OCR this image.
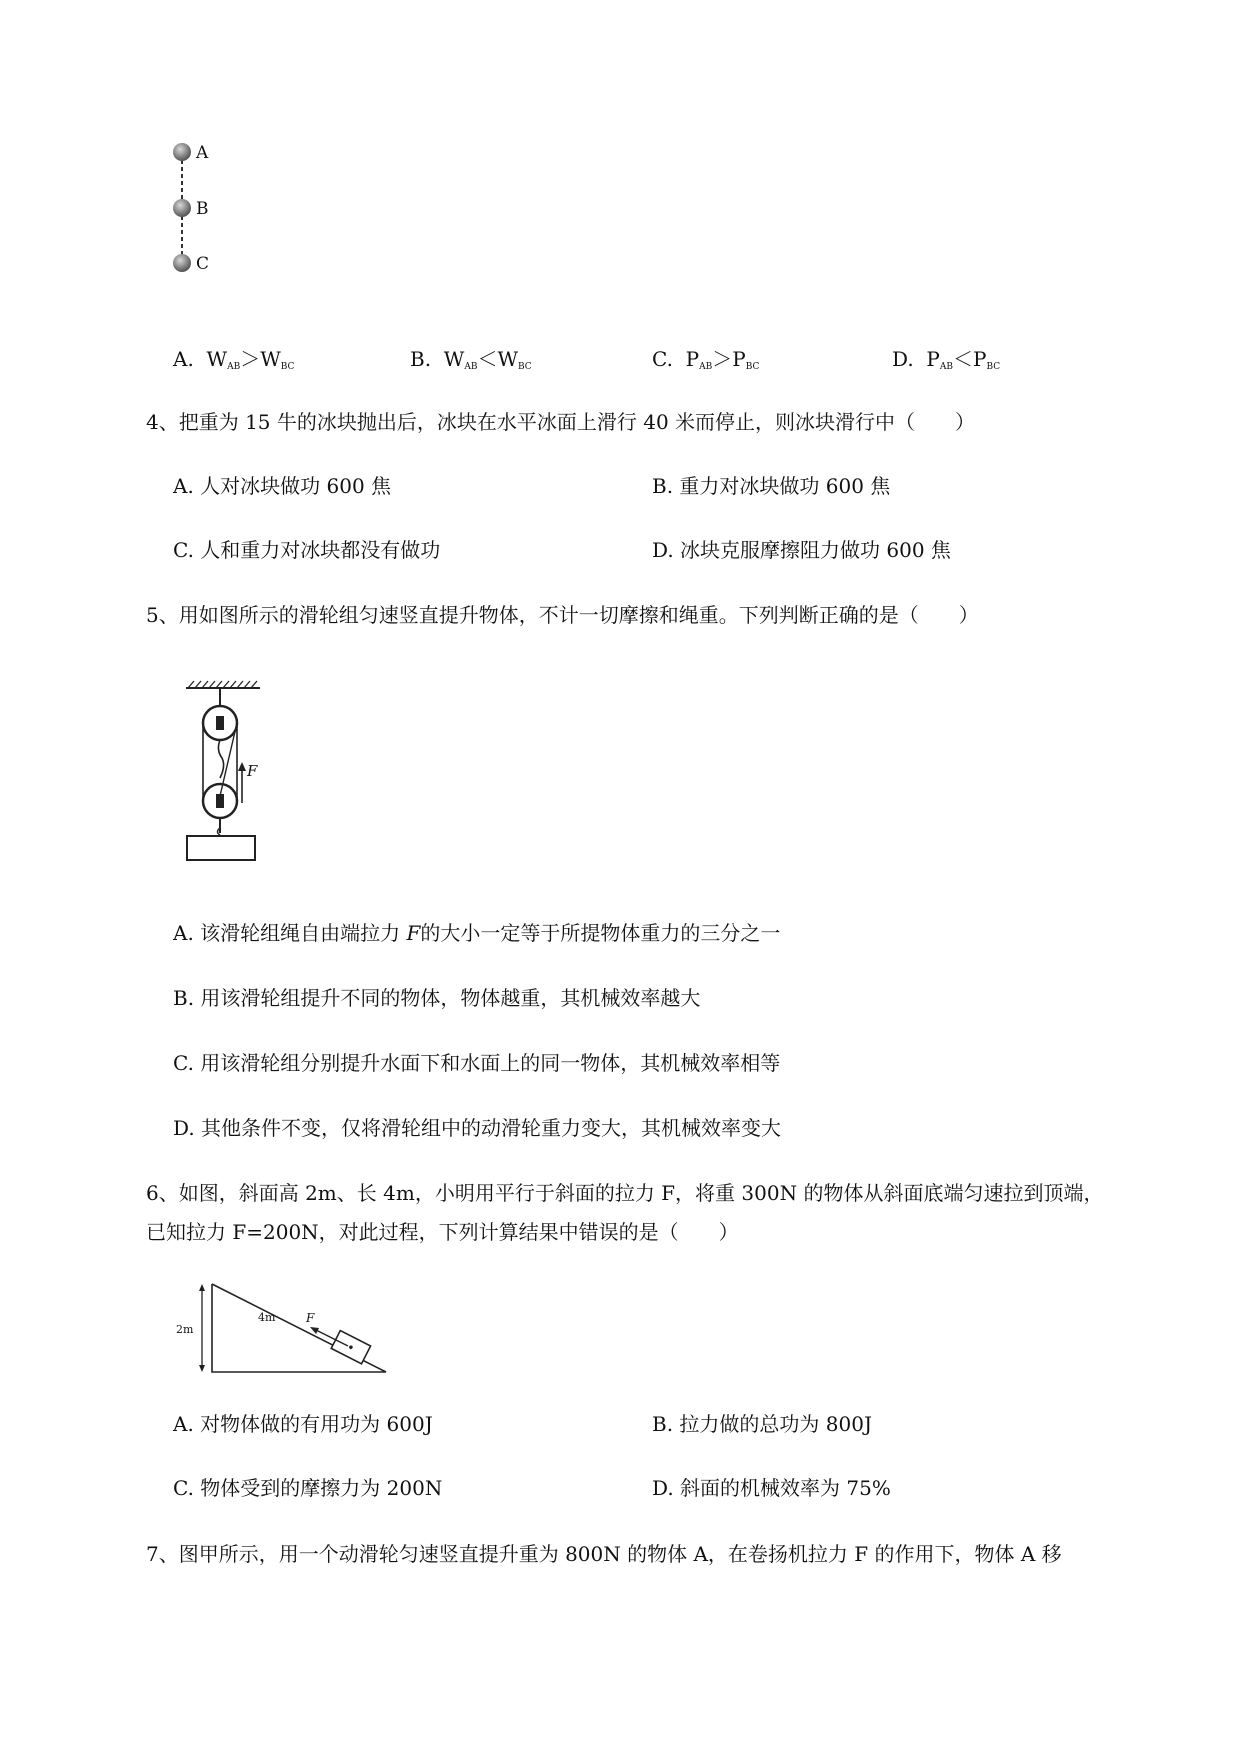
A
B
C
A. $W_{AB}>W_{BC}$	B. $W_{AB}<W_{BC}$	C. $P_{AB}>P_{BC}$	D. $P_{AB}<P_{BC}$
4、把重为 15 牛的冰块抛出后，冰块在水平冰面上滑行 40 米而停止，则冰块滑行中（　　）
A. 人对冰块做功 600 焦	B. 重力对冰块做功 600 焦
C. 人和重力对冰块都没有做功	D. 冰块克服摩擦阻力做功 600 焦
5、用如图所示的滑轮组匀速竖直提升物体，不计一切摩擦和绳重。下列判断正确的是（　　）
F
A. 该滑轮组绳自由端拉力 F的大小一定等于所提物体重力的三分之一
B. 用该滑轮组提升不同的物体，物体越重，其机械效率越大
C. 用该滑轮组分别提升水面下和水面上的同一物体，其机械效率相等
D. 其他条件不变，仅将滑轮组中的动滑轮重力变大，其机械效率变大
6、如图，斜面高 2m、长 4m，小明用平行于斜面的拉力 F，将重 300N 的物体从斜面底端匀速拉到顶端，
已知拉力 F=200N，对此过程，下列计算结果中错误的是（　　）
2m
4m	F
A. 对物体做的有用功为 600J	B. 拉力做的总功为 800J
C. 物体受到的摩擦力为 200N	D. 斜面的机械效率为 75%
7、图甲所示，用一个动滑轮匀速竖直提升重为 800N 的物体 A，在卷扬机拉力 F 的作用下，物体 A 移
